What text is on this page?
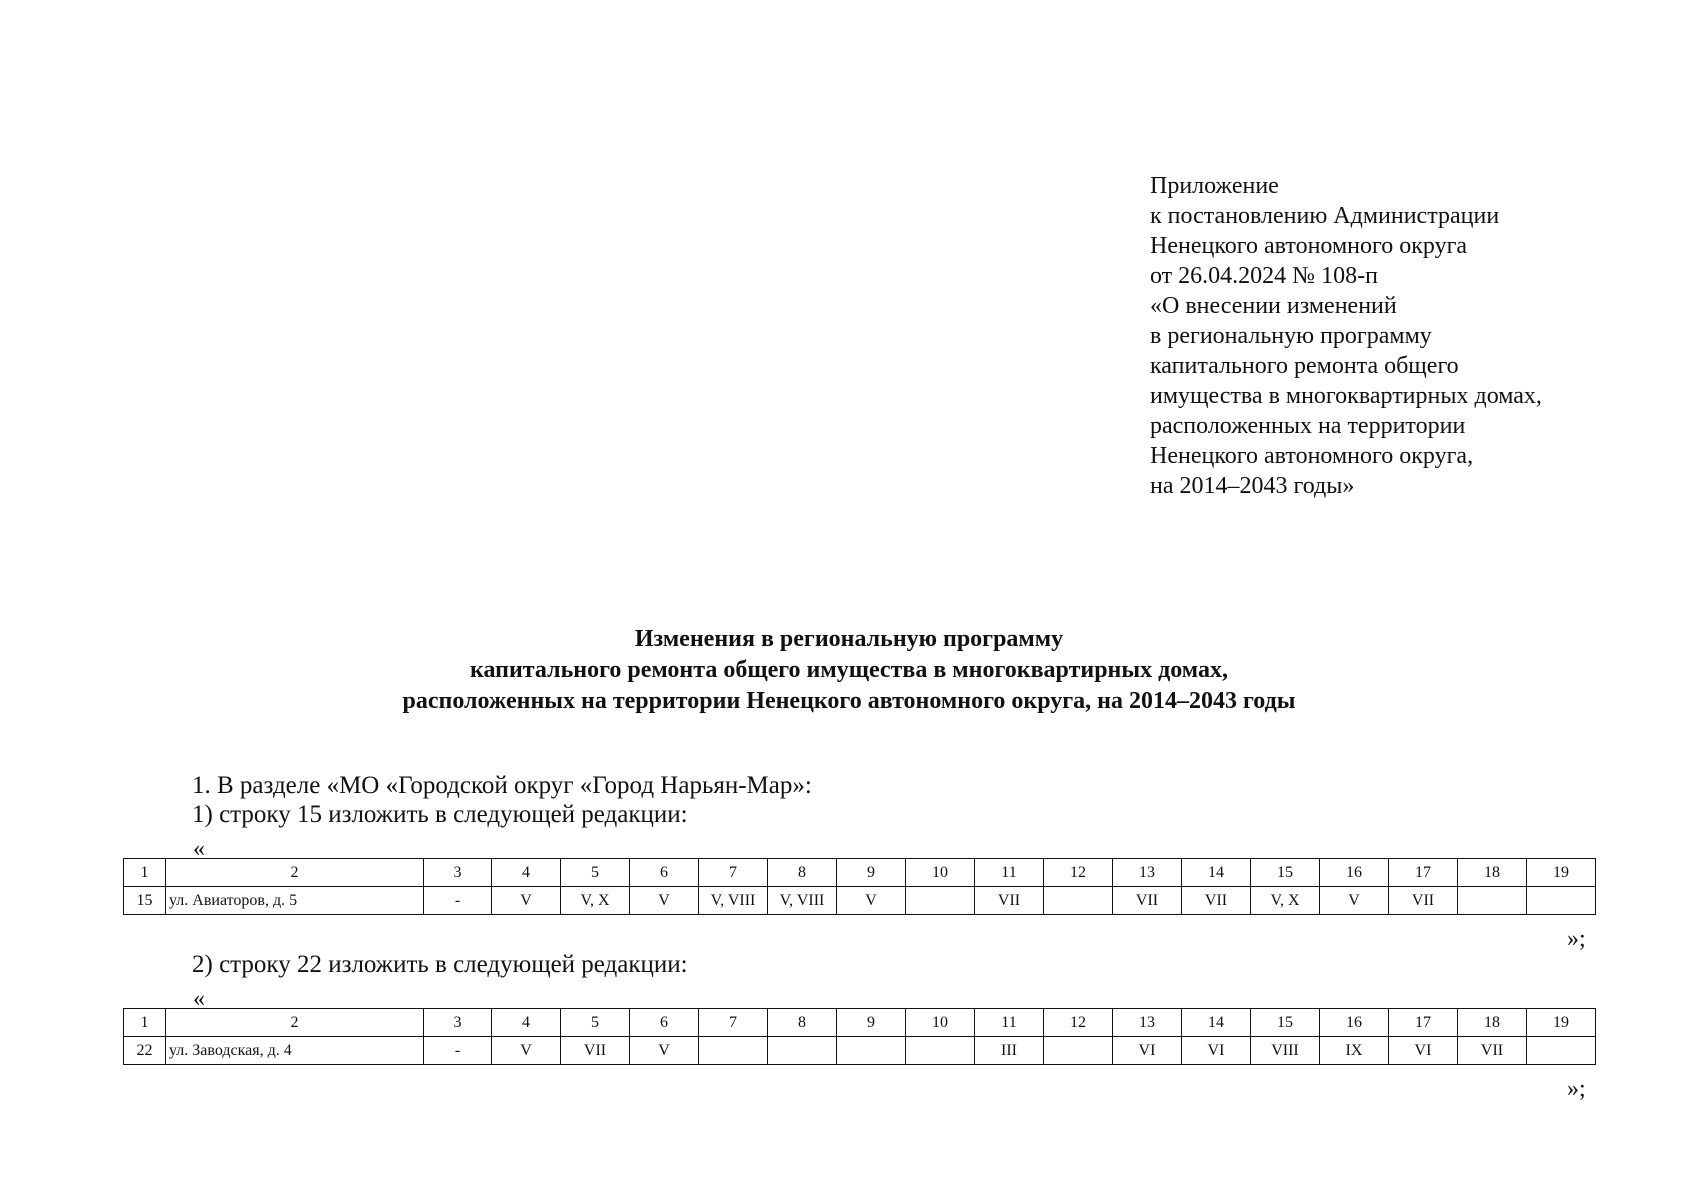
Приложение
к постановлению Администрации
Ненецкого автономного округа
от 26.04.2024 № 108-п
«О внесении изменений
в региональную программу
капитального ремонта общего
имущества в многоквартирных домах,
расположенных на территории
Ненецкого автономного округа,
на 2014–2043 годы»
Изменения в региональную программу
капитального ремонта общего имущества в многоквартирных домах,
расположенных на территории Ненецкого автономного округа, на 2014–2043 годы
1. В разделе «МО «Городской округ «Город Нарьян-Мар»:
1) строку 15 изложить в следующей редакции:
«
1	2	3	4	5	6	7	8	9	10	11	12	13	14	15	16	17	18	19
15	ул. Авиаторов, д. 5	-	V	V, X	V	V, VIII	V, VIII	V		VII		VII	VII	V, X	V	VII		
»;
2) строку 22 изложить в следующей редакции:
«
1	2	3	4	5	6	7	8	9	10	11	12	13	14	15	16	17	18	19
22	ул. Заводская, д. 4	-	V	VII	V					III		VI	VI	VIII	IX	VI	VII	
»;
